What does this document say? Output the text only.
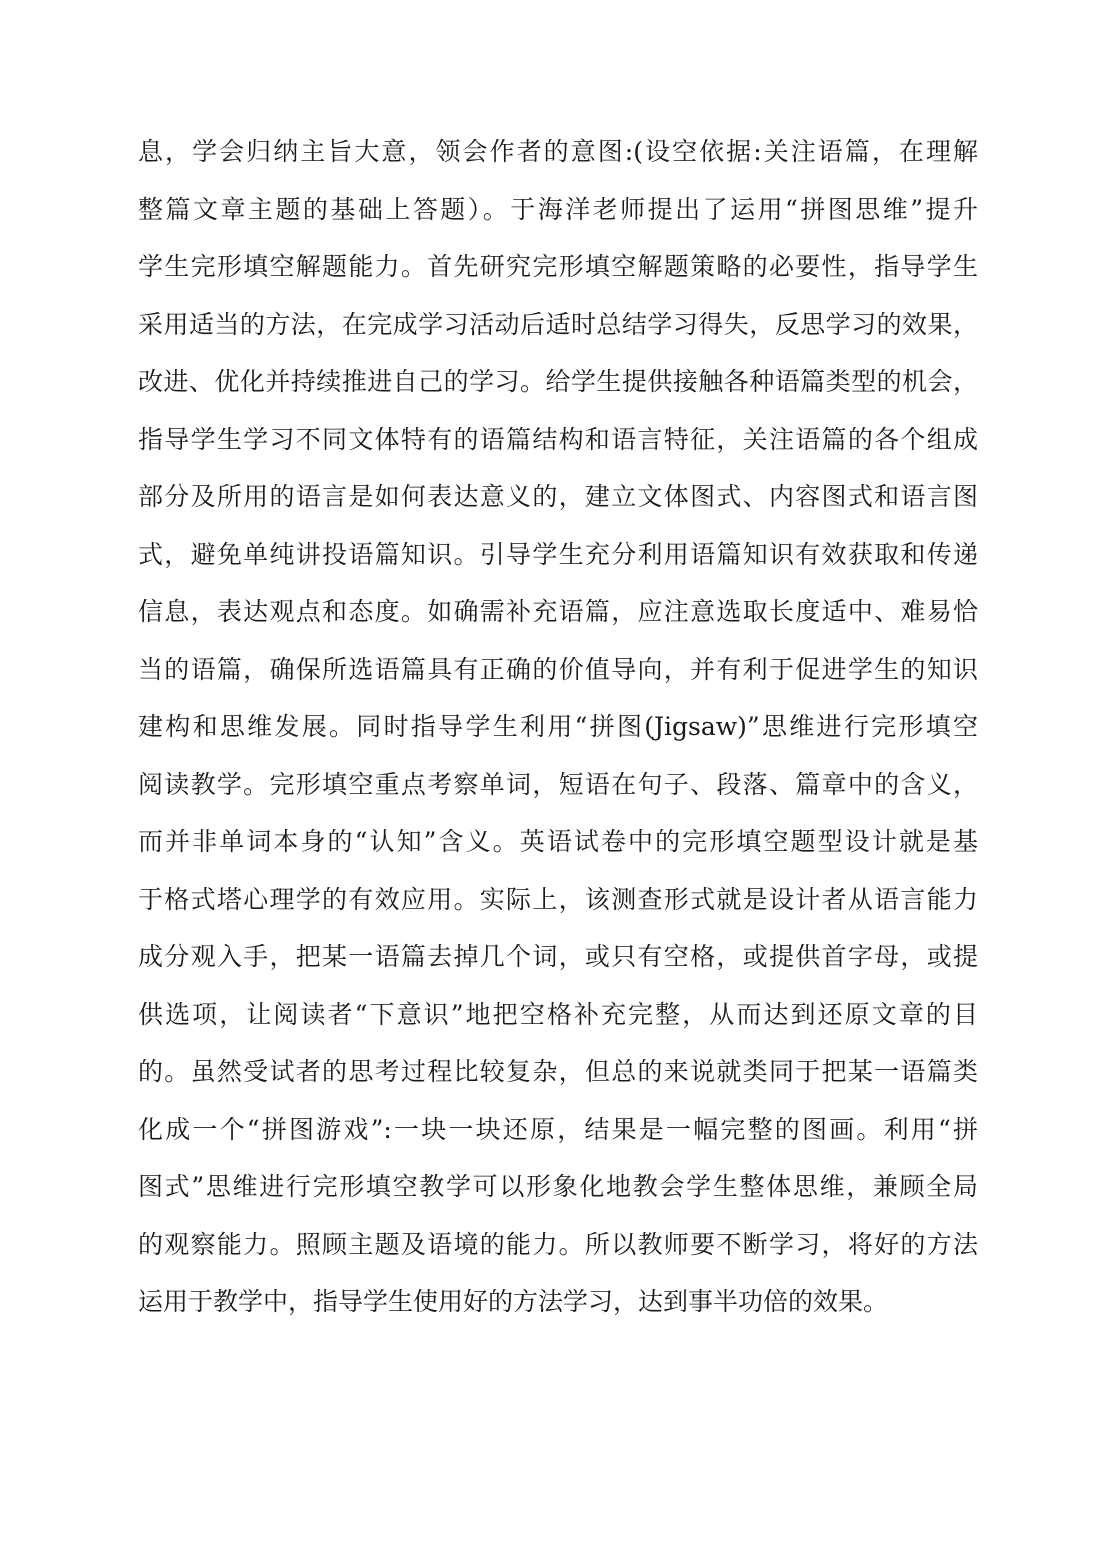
息，学会归纳主旨大意，领会作者的意图:(设空依据:关注语篇，在理解
整篇文章主题的基础上答题）。于海洋老师提出了运用“拼图思维”提升
学生完形填空解题能力。首先研究完形填空解题策略的必要性，指导学生
采用适当的方法，在完成学习活动后适时总结学习得失，反思学习的效果，
改进、优化并持续推进自己的学习。给学生提供接触各种语篇类型的机会，
指导学生学习不同文体特有的语篇结构和语言特征，关注语篇的各个组成
部分及所用的语言是如何表达意义的，建立文体图式、内容图式和语言图
式，避免单纯讲投语篇知识。引导学生充分利用语篇知识有效获取和传递
信息，表达观点和态度。如确需补充语篇，应注意选取长度适中、难易恰
当的语篇，确保所选语篇具有正确的价值导向，并有利于促进学生的知识
建构和思维发展。同时指导学生利用“拼图(Jigsaw)”思维进行完形填空
阅读教学。完形填空重点考察单词，短语在句子、段落、篇章中的含义，
而并非单词本身的“认知”含义。英语试卷中的完形填空题型设计就是基
于格式塔心理学的有效应用。实际上，该测查形式就是设计者从语言能力
成分观入手，把某一语篇去掉几个词，或只有空格，或提供首字母，或提
供选项，让阅读者“下意识”地把空格补充完整，从而达到还原文章的目
的。虽然受试者的思考过程比较复杂，但总的来说就类同于把某一语篇类
化成一个“拼图游戏”:一块一块还原，结果是一幅完整的图画。利用“拼
图式”思维进行完形填空教学可以形象化地教会学生整体思维，兼顾全局
的观察能力。照顾主题及语境的能力。所以教师要不断学习，将好的方法
运用于教学中，指导学生使用好的方法学习，达到事半功倍的效果。
